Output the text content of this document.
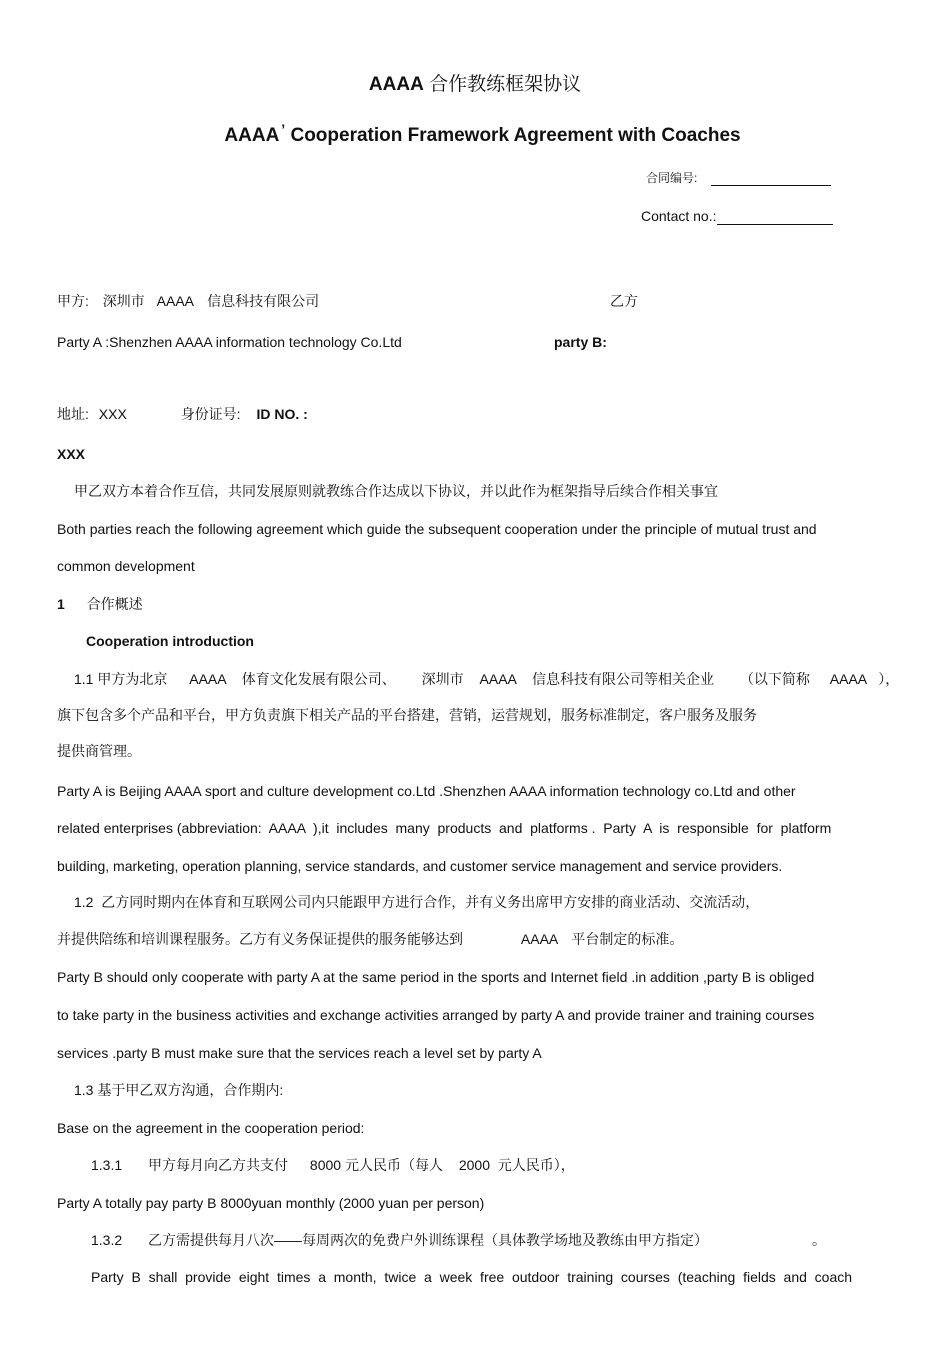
AAAA 合作教练框架协议
AAAA ’ Cooperation Framework Agreement with Coaches
合同编号:
Contact no.:
甲方: 深圳市 AAAA 信息科技有限公司	乙方
Party A :Shenzhen AAAA information technology Co.Ltd	party B:
地址: XXX	身份证号: ID NO. :
XXX
甲乙双方本着合作互信，共同发展原则就教练合作达成以下协议，并以此作为框架指导后续合作相关事宜
Both parties reach the following agreement which guide the subsequent cooperation under the principle of mutual trust and
common development
1 合作概述
Cooperation introduction
1.1 甲方为北京 AAAA 体育文化发展有限公司、 深圳市 AAAA 信息科技有限公司等相关企业 （以下简称 AAAA ），
旗下包含多个产品和平台，甲方负责旗下相关产品的平台搭建，营销，运营规划，服务标准制定，客户服务及服务
提供商管理。
Party A is Beijing AAAA sport and culture development co.Ltd .Shenzhen AAAA information technology co.Ltd and other
related enterprises (abbreviation:  AAAA  ),it  includes  many  products  and  platforms .  Party  A  is  responsible  for  platform
building, marketing, operation planning, service standards, and customer service management and service providers.
1.2  乙方同时期内在体育和互联网公司内只能跟甲方进行合作，并有义务出席甲方安排的商业活动、交流活动，
并提供陪练和培训课程服务。乙方有义务保证提供的服务能够达到	AAAA 平台制定的标准。
Party B should only cooperate with party A at the same period in the sports and Internet field .in addition ,party B is obliged
to take party in the business activities and exchange activities arranged by party A and provide trainer and training courses
services .party B must make sure that the services reach a level set by party A
1.3 基于甲乙双方沟通，合作期内:
Base on the agreement in the cooperation period:
1.3.1 甲方每月向乙方共支付 8000 元人民币（每人 2000  元人民币），
Party A totally pay party B 8000yuan monthly (2000 yuan per person)
1.3.2 乙方需提供每月八次——每周两次的免费户外训练课程（具体教学场地及教练由甲方指定）	。
Party  B  shall  provide  eight  times  a  month,  twice  a  week  free  outdoor  training  courses  (teaching  fields  and  coach
